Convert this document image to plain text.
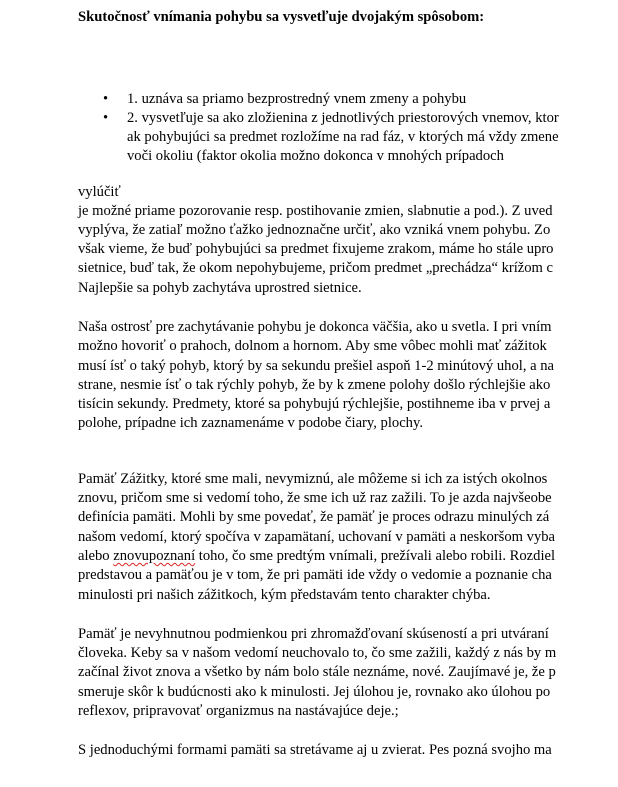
Skutočnosť vnímania pohybu sa vysvetľuje dvojakým spôsobom:
• 1. uznáva sa priamo bezprostredný vnem zmeny a pohybu
• 2. vysvetľuje sa ako zložienina z jednotlivých priestorových vnemov, ktor
ak pohybujúci sa predmet rozložíme na rad fáz, v ktorých má vždy zmene
voči okoliu (faktor okolia možno dokonca v mnohých prípadoch
vylúčiť
je možné priame pozorovanie resp. postihovanie zmien, slabnutie a pod.). Z uved
vyplýva, že zatiaľ možno ťažko jednoznačne určiť, ako vzniká vnem pohybu. Zo
však vieme, že buď pohybujúci sa predmet fixujeme zrakom, máme ho stále upro
sietnice, buď tak, že okom nepohybujeme, pričom predmet „prechádza“ krížom c
Najlepšie sa pohyb zachytáva uprostred sietnice.
Naša ostrosť pre zachytávanie pohybu je dokonca väčšia, ako u svetla. I pri vním
možno hovoriť o prahoch, dolnom a hornom. Aby sme vôbec mohli mať zážitok
musí ísť o taký pohyb, ktorý by sa sekundu prešiel aspoň 1-2 minútový uhol, a na
strane, nesmie ísť o tak rýchly pohyb, že by k zmene polohy došlo rýchlejšie ako
tisícin sekundy. Predmety, ktoré sa pohybujú rýchlejšie, postihneme iba v prvej a
polohe, prípadne ich zaznamenáme v podobe čiary, plochy.
Pamäť Zážitky, ktoré sme mali, nevymiznú, ale môžeme si ich za istých okolnos
znovu, pričom sme si vedomí toho, že sme ich už raz zažili. To je azda najvšeobe
definícia pamäti. Mohli by sme povedať, že pamäť je proces odrazu minulých zá
našom vedomí, ktorý spočíva v zapamätaní, uchovaní v pamäti a neskoršom vyba
alebo znovupoznaní toho, čo sme predtým vnímali, prežívali alebo robili. Rozdiel
predstavou a pamäťou je v tom, že pri pamäti ide vždy o vedomie a poznanie cha
minulosti pri našich zážitkoch, kým představám tento charakter chýba.
Pamäť je nevyhnutnou podmienkou pri zhromažďovaní skúseností a pri utváraní
človeka. Keby sa v našom vedomí neuchovalo to, čo sme zažili, každý z nás by m
začínal život znova a všetko by nám bolo stále neznáme, nové. Zaujímavé je, že p
smeruje skôr k budúcnosti ako k minulosti. Jej úlohou je, rovnako ako úlohou po
reflexov, pripravovať organizmus na nastávajúce deje.;
S jednoduchými formami pamäti sa stretávame aj u zvierat. Pes pozná svojho ma
